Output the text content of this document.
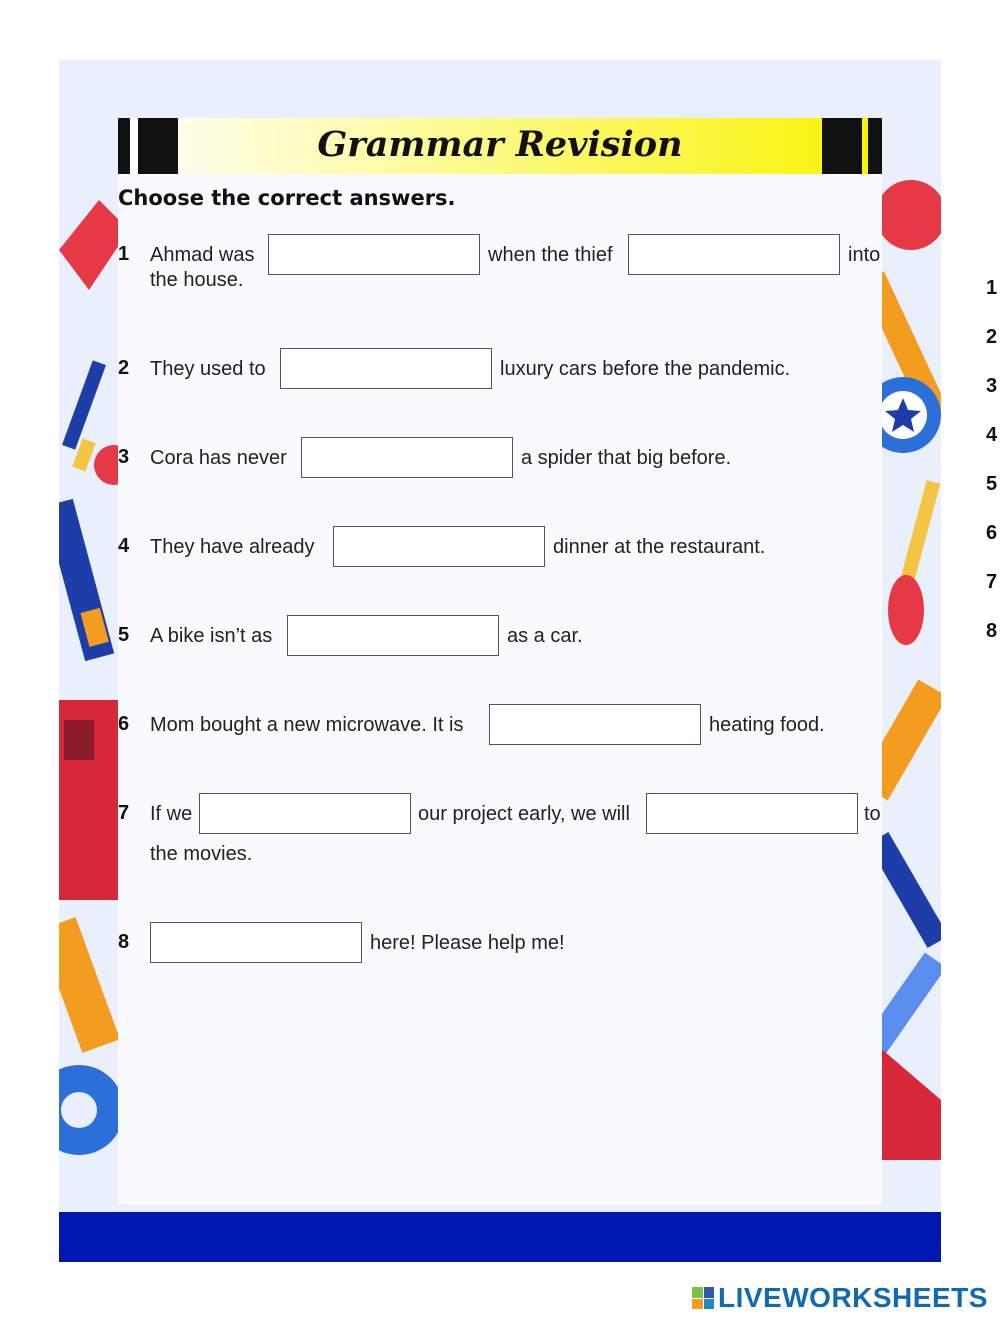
Grammar Revision
Choose the correct answers.
1 Ahmad was	when the thief	into
the house.
2 They used to	luxury cars before the pandemic.
3 Cora has never	a spider that big before.
4 They have already	dinner at the restaurant.
5 A bike isn’t as	as a car.
6 Mom bought a new microwave. It is	heating food.
7 If we	our project early, we will	to
the movies.
8	here! Please help me!
1
2
3
4
5
6
7
8
LIVEWORKSHEETS
